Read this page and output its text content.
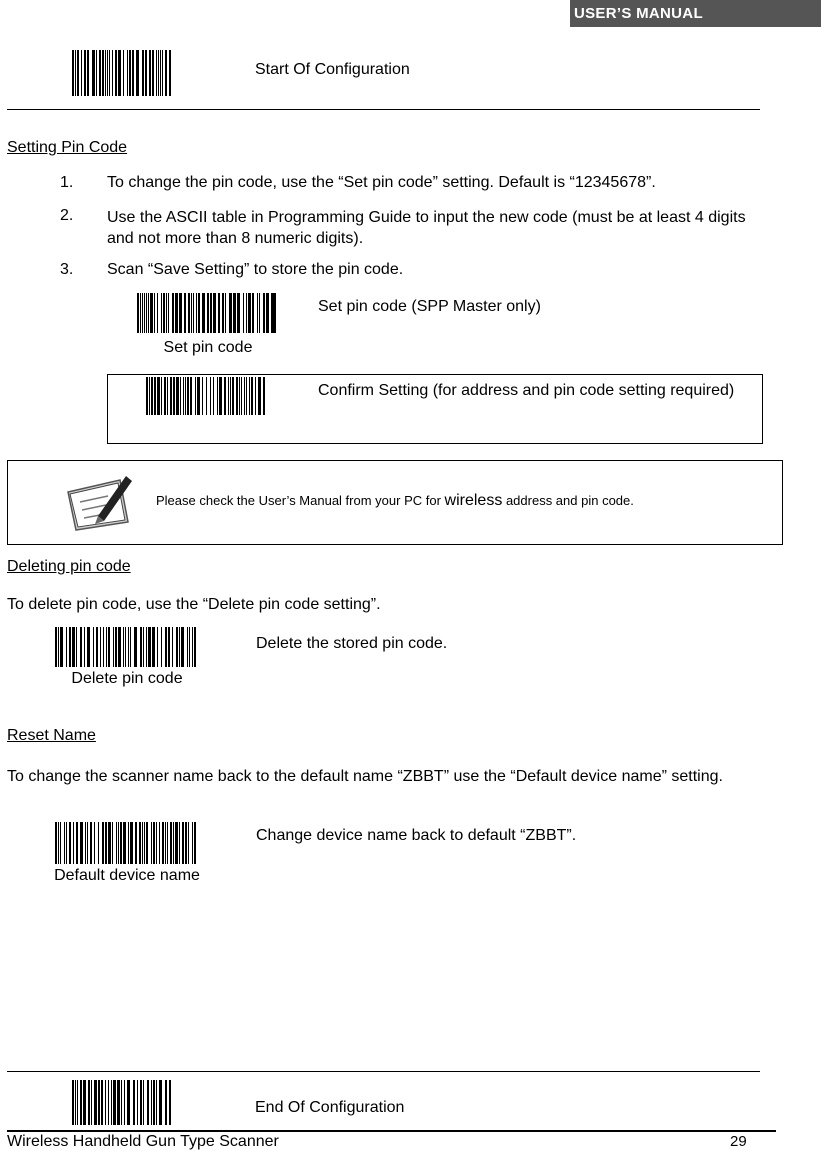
USER’S MANUAL
Start Of Configuration
Setting Pin Code
1. To change the pin code, use the “Set pin code” setting. Default is “12345678”.
2. Use the ASCII table in Programming Guide to input the new code (must be at least 4 digits and not more than 8 numeric digits).
3. Scan “Save Setting” to store the pin code.
Set pin code
Set pin code (SPP Master only)
Confirm Setting (for address and pin code setting required)
Please check the User’s Manual from your PC for wireless address and pin code.
Deleting pin code
To delete pin code, use the “Delete pin code setting”.
Delete pin code
Delete the stored pin code.
Reset Name
To change the scanner name back to the default name “ZBBT” use the “Default device name” setting.
Default device name
Change device name back to default “ZBBT”.
End Of Configuration
Wireless Handheld Gun Type Scanner	29
